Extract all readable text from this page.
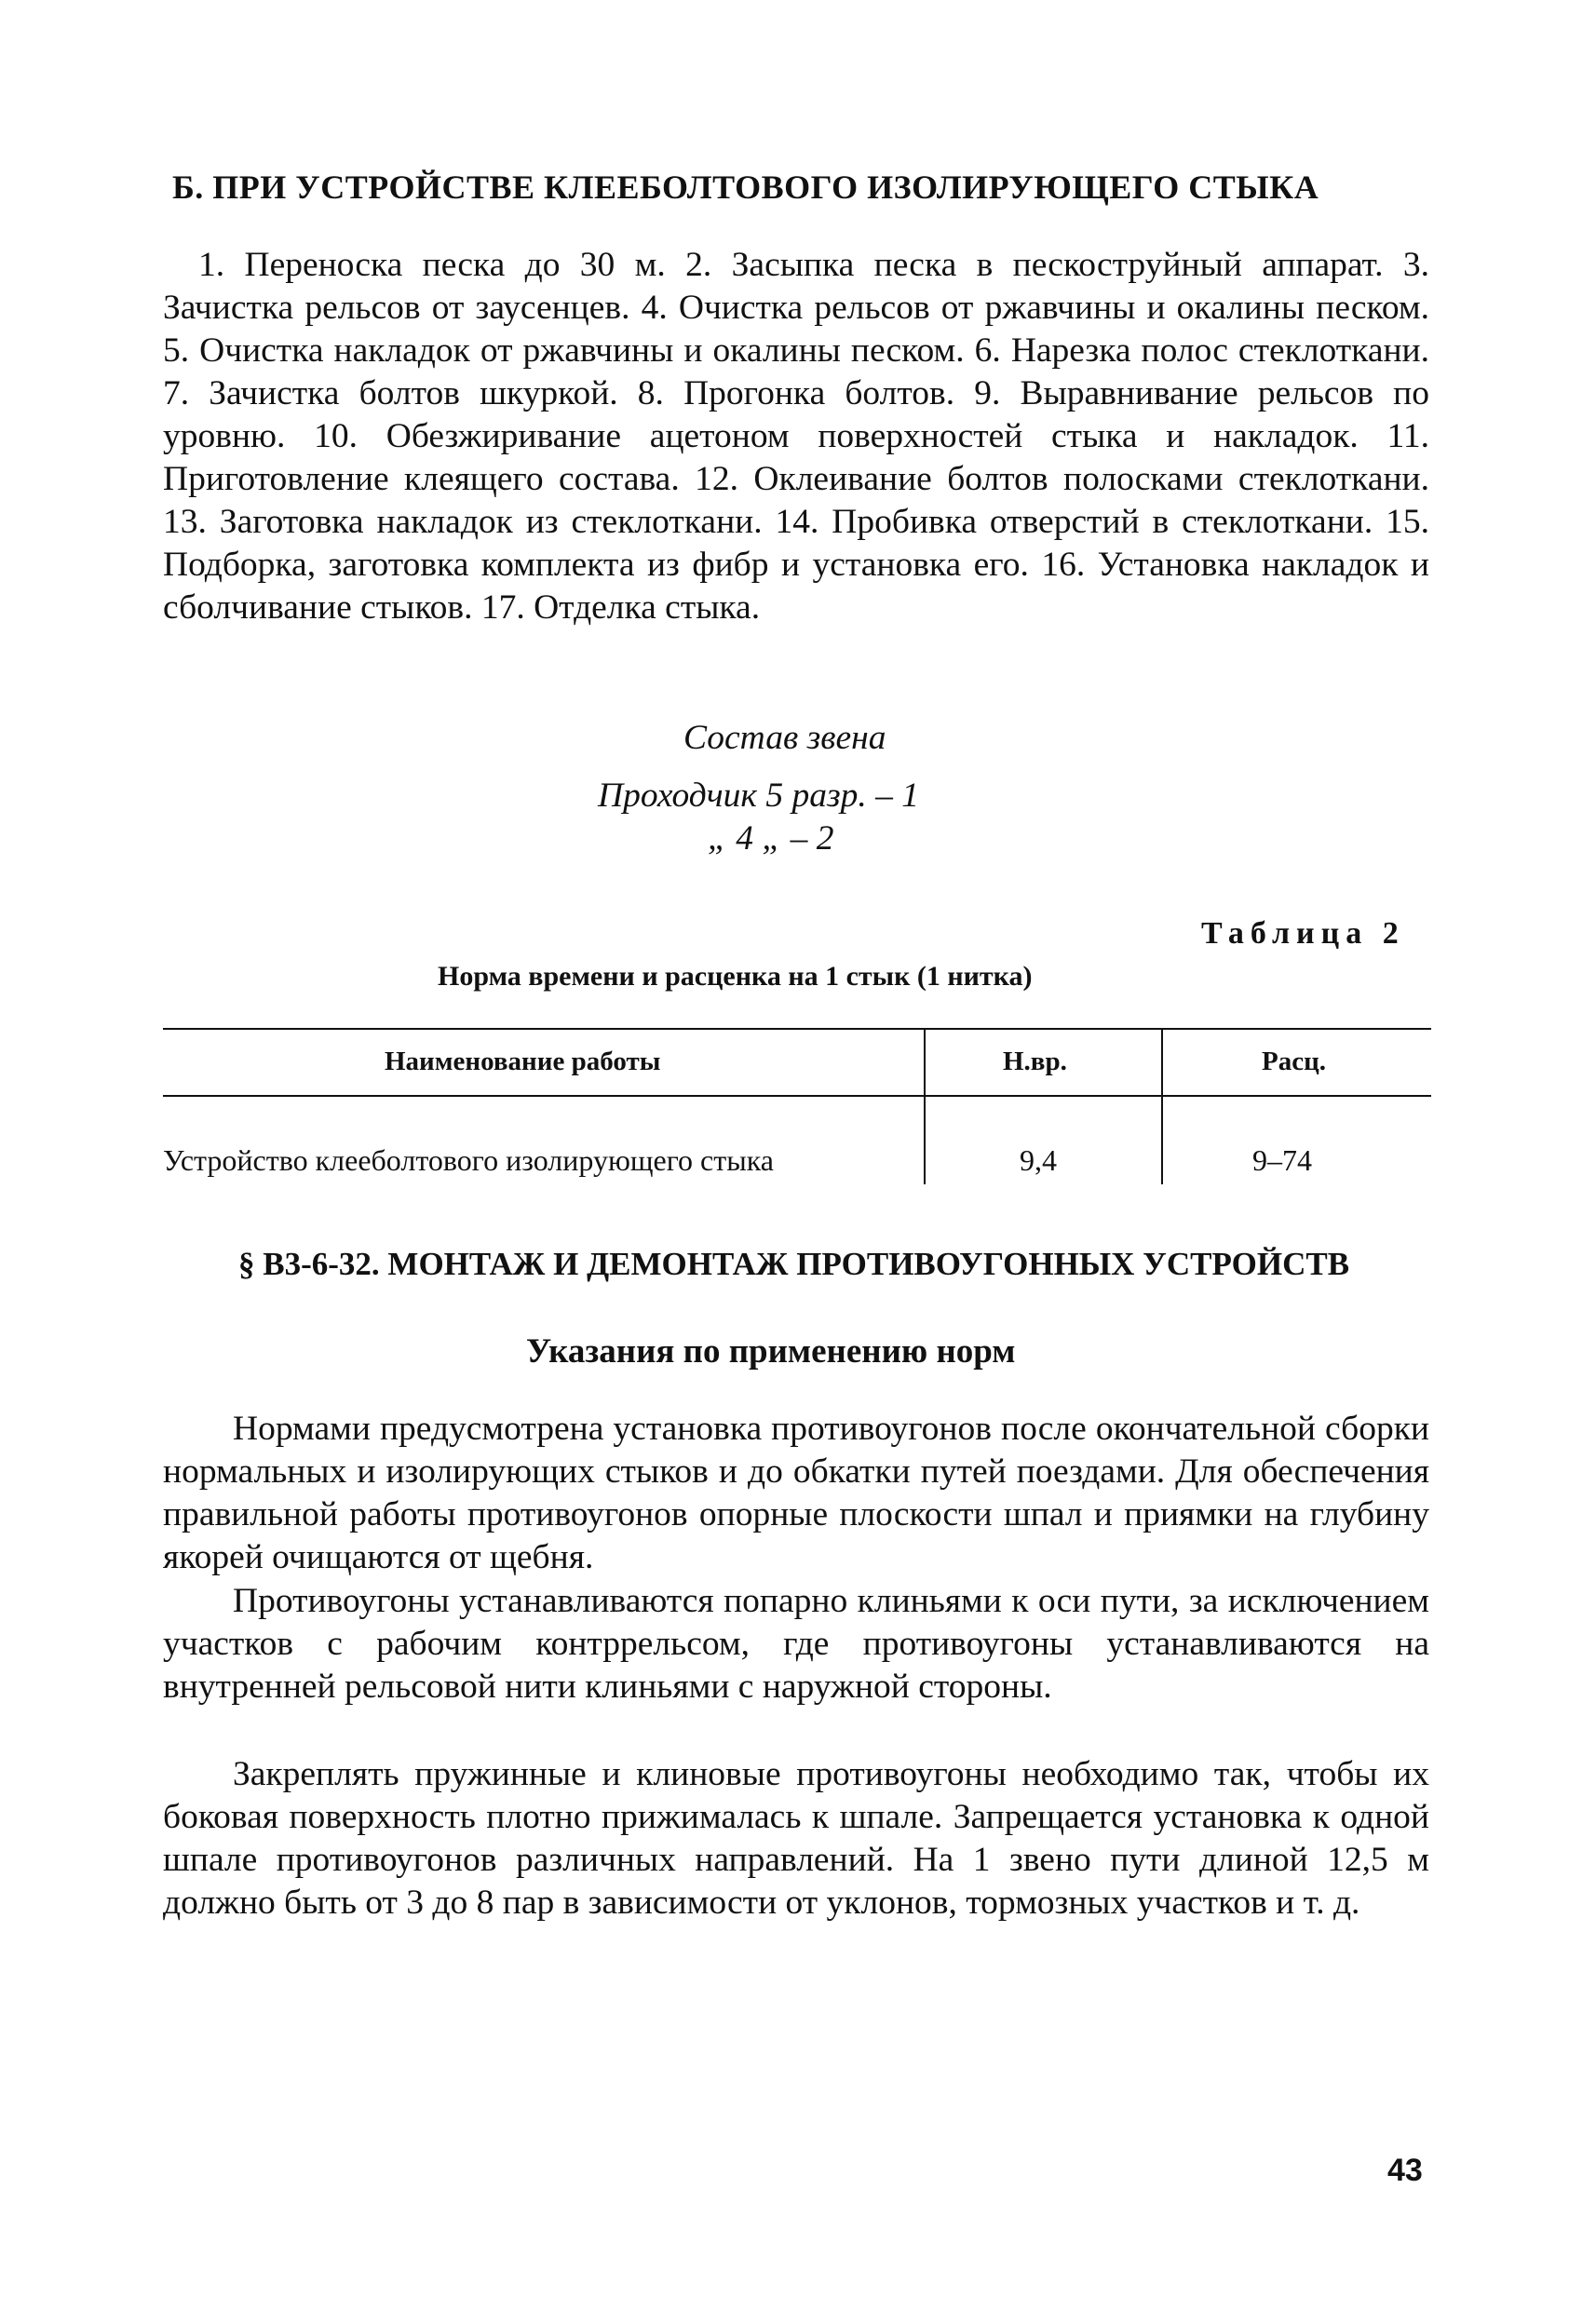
Б. ПРИ УСТРОЙСТВЕ КЛЕЕБОЛТОВОГО ИЗОЛИРУЮЩЕГО СТЫКА
1. Переноска песка до 30 м. 2. Засыпка песка в пескоструйный аппарат. 3. Зачистка рельсов от заусенцев. 4. Очистка рельсов от ржавчины и окалины песком. 5. Очистка накладок от ржавчины и окалины песком. 6. Нарезка полос стеклоткани. 7. Зачистка болтов шкуркой. 8. Прогонка болтов. 9. Выравнивание рельсов по уровню. 10. Обезжиривание ацетоном поверхностей стыка и накладок. 11. Приготовление клеящего состава. 12. Оклеивание болтов полосками стеклоткани. 13. Заготовка накладок из стеклоткани. 14. Пробивка отверстий в стеклоткани. 15. Подборка, заготовка комплекта из фибр и установка его. 16. Установка накладок и сболчивание стыков. 17. Отделка стыка.
Состав звена
Проходчик 5 разр. – 1
„ 4 „ – 2
Таблица 2
Норма времени и расценка на 1 стык (1 нитка)
Наименование работы	Н.вр.	Расц.
Устройство клеeболтового изолирующего стыка	9,4	9–74
§ В3-6-32. МОНТАЖ И ДЕМОНТАЖ ПРОТИВОУГОННЫХ УСТРОЙСТВ
Указания по применению норм
Нормами предусмотрена установка противоугонов после окончательной сборки нормальных и изолирующих стыков и до обкатки путей поездами. Для обеспечения правильной работы противоугонов опорные плоскости шпал и приямки на глубину якорей очищаются от щебня.
Противоугоны устанавливаются попарно клиньями к оси пути, за исключением участков с рабочим контррельсом, где противоугоны устанавливаются на внутренней рельсовой нити клиньями с наружной стороны.
Закреплять пружинные и клиновые противоугоны необходимо так, чтобы их боковая поверхность плотно прижималась к шпале. Запрещается установка к одной шпале противоугонов различных направлений. На 1 звено пути длиной 12,5 м должно быть от 3 до 8 пар в зависимости от уклонов, тормозных участков и т. д.
43
